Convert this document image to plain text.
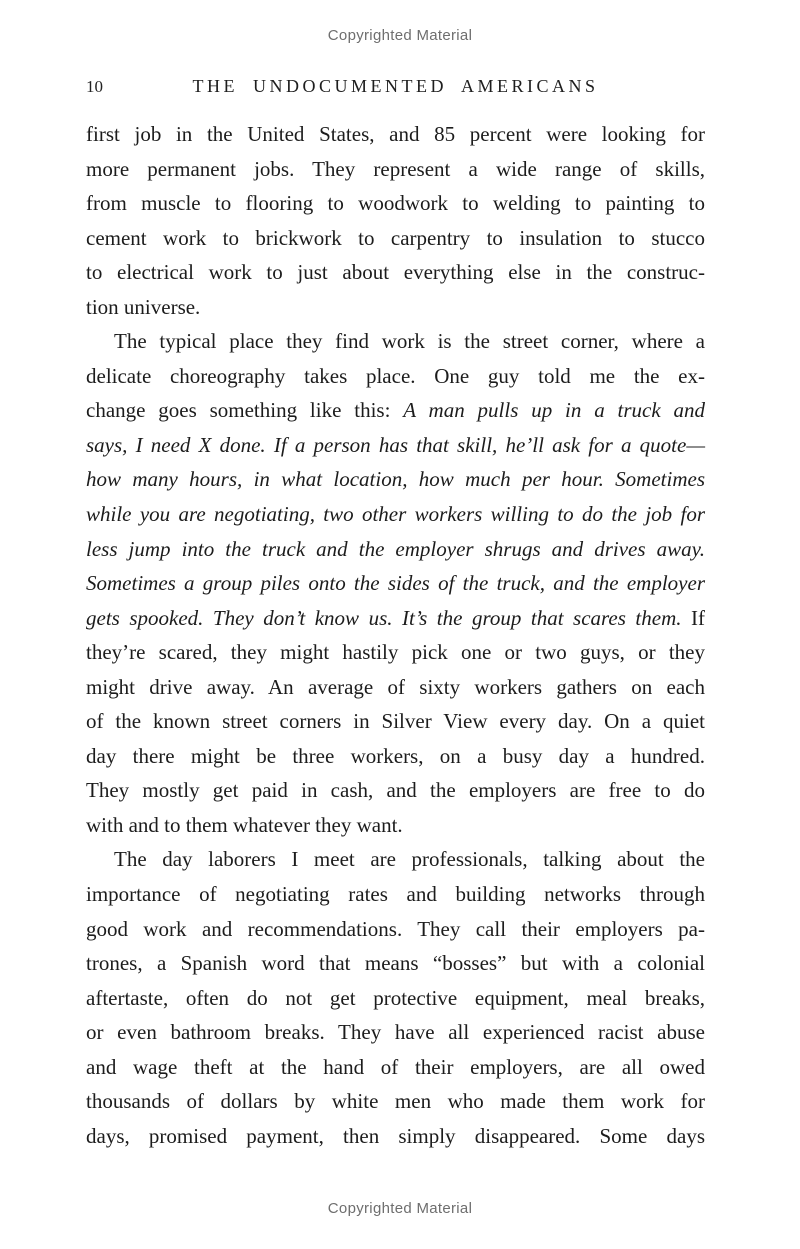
Copyrighted Material
10	THE UNDOCUMENTED AMERICANS
first job in the United States, and 85 percent were looking for
more permanent jobs. They represent a wide range of skills,
from muscle to flooring to woodwork to welding to painting to
cement work to brickwork to carpentry to insulation to stucco
to electrical work to just about everything else in the construc-
tion universe.
The typical place they find work is the street corner, where a
delicate choreography takes place. One guy told me the ex-
change goes something like this: A man pulls up in a truck and
says, I need X done. If a person has that skill, he’ll ask for a quote—
how many hours, in what location, how much per hour. Sometimes
while you are negotiating, two other workers willing to do the job for
less jump into the truck and the employer shrugs and drives away.
Sometimes a group piles onto the sides of the truck, and the employer
gets spooked. They don’t know us. It’s the group that scares them. If
they’re scared, they might hastily pick one or two guys, or they
might drive away. An average of sixty workers gathers on each
of the known street corners in Silver View every day. On a quiet
day there might be three workers, on a busy day a hundred.
They mostly get paid in cash, and the employers are free to do
with and to them whatever they want.
The day laborers I meet are professionals, talking about the
importance of negotiating rates and building networks through
good work and recommendations. They call their employers pa-
trones, a Spanish word that means “bosses” but with a colonial
aftertaste, often do not get protective equipment, meal breaks,
or even bathroom breaks. They have all experienced racist abuse
and wage theft at the hand of their employers, are all owed
thousands of dollars by white men who made them work for
days, promised payment, then simply disappeared. Some days
Copyrighted Material
